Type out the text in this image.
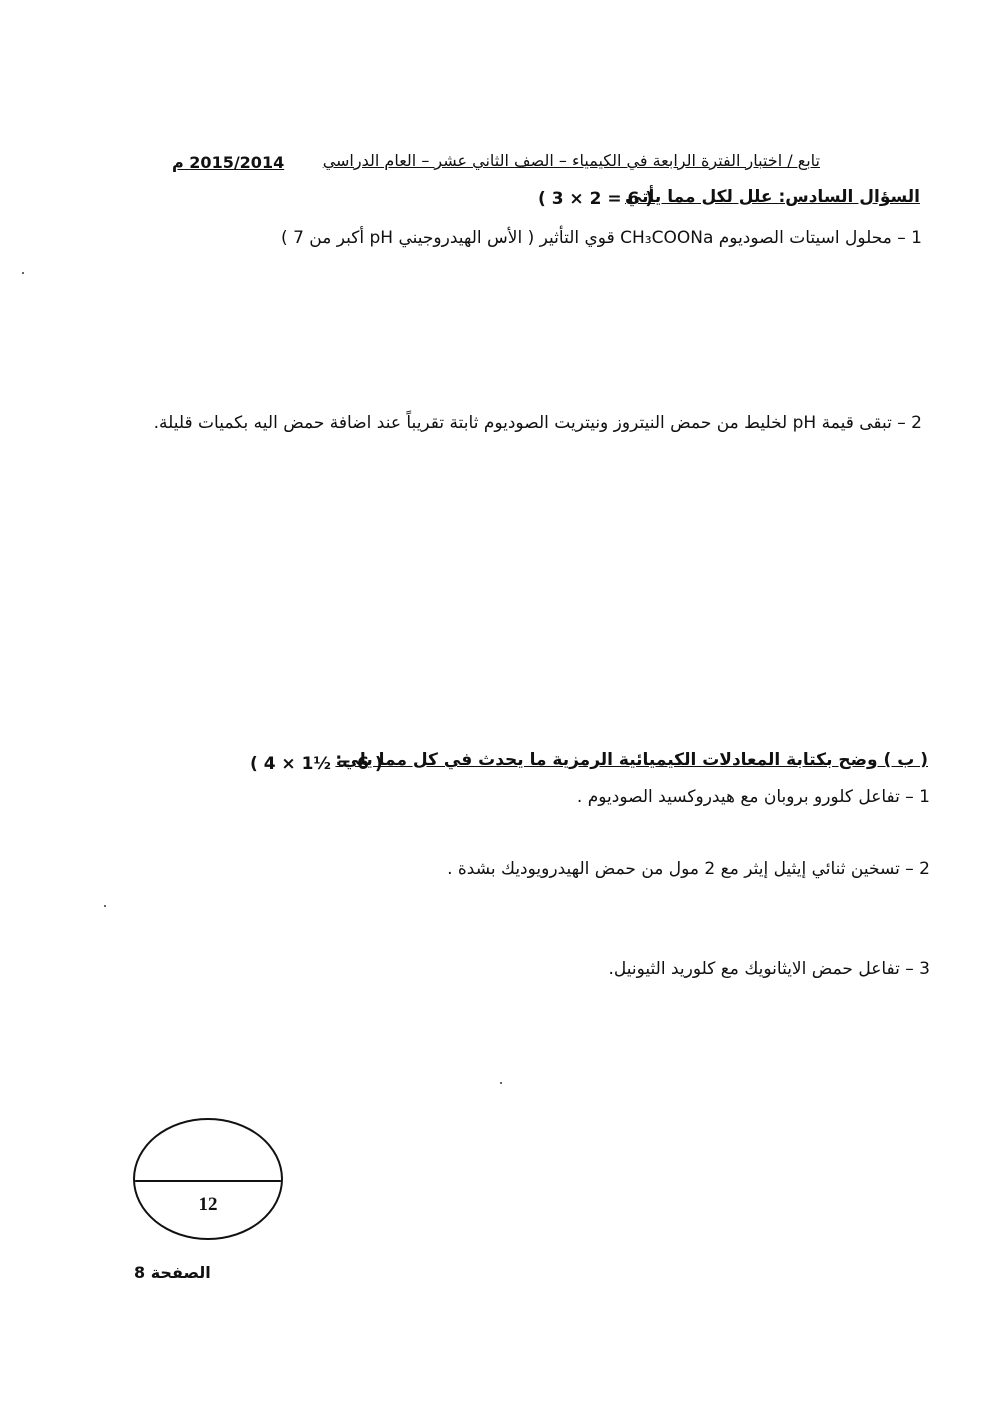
تابع / اختبار الفترة الرابعة في الكيمياء – الصف الثاني عشر – العام الدراسي
2015/2014 م
السؤال السادس: علل لكل مما يأتي
( 3 × 2 = 6 )
1 – محلول اسيتات الصوديوم CH₃COONa قوي التأثير ( الأس الهيدروجيني pH أكبر من 7 )
2 – تبقى قيمة pH لخليط من حمض النيتروز ونيتريت الصوديوم ثابتة تقريباً عند اضافة حمض اليه بكميات قليلة.
( ب ) وضح بكتابة المعادلات الكيميائية الرمزية ما يحدث في كل مما يلي:
( 4 × 1½ = 6 )
1 – تفاعل كلورو بروبان مع هيدروكسيد الصوديوم .
2 – تسخين ثنائي إيثيل إيثر مع 2 مول من حمض الهيدرويوديك بشدة .
3 – تفاعل حمض الايثانويك مع كلوريد الثيونيل.
12
الصفحة 8
